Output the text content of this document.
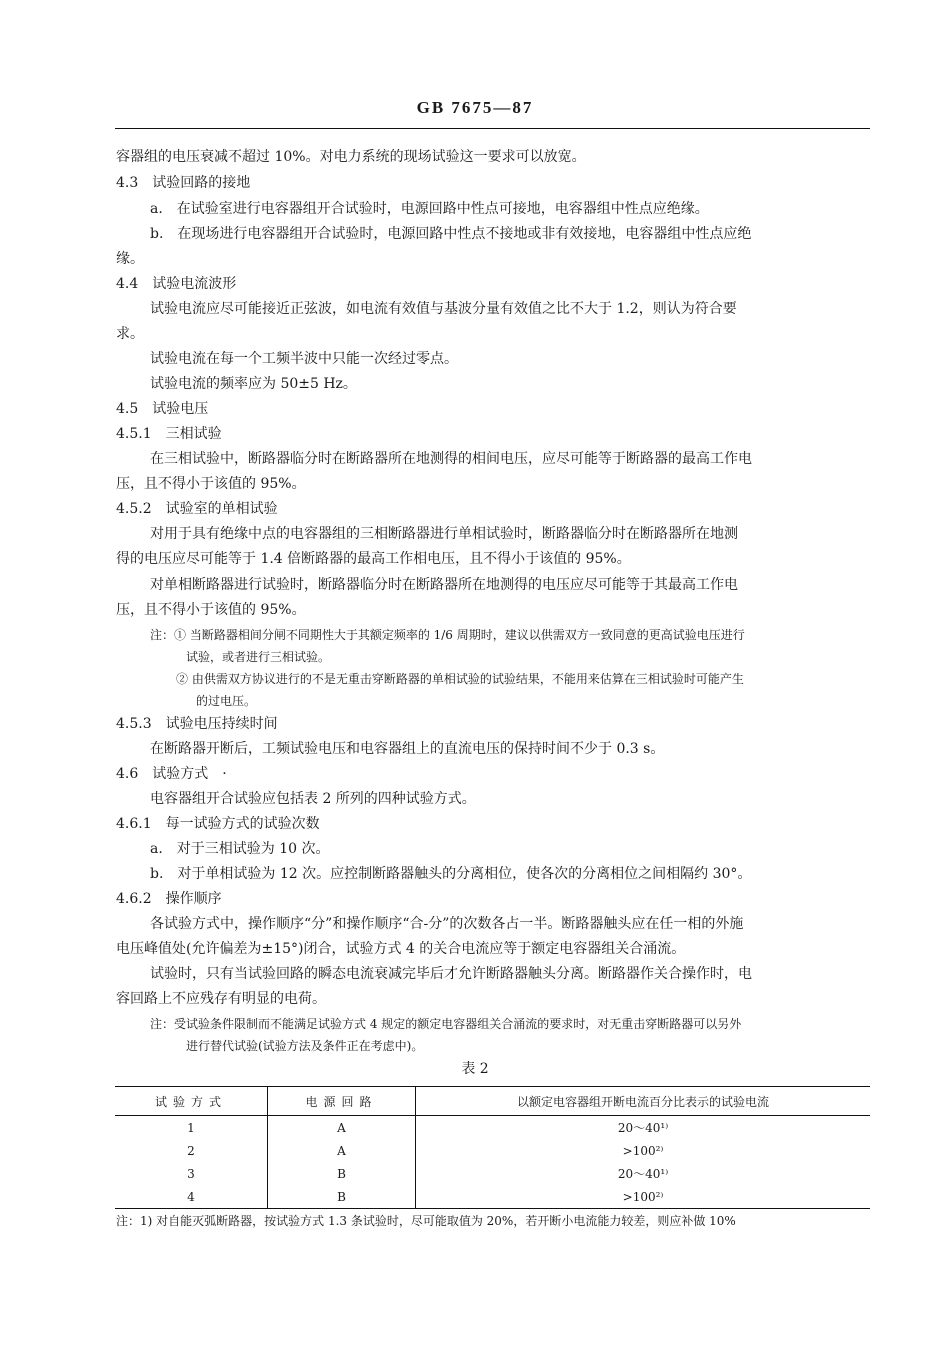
GB 7675—87
容器组的电压衰减不超过 10%。对电力系统的现场试验这一要求可以放宽。
4.3　试验回路的接地
a.　在试验室进行电容器组开合试验时，电源回路中性点可接地，电容器组中性点应绝缘。
b.　在现场进行电容器组开合试验时，电源回路中性点不接地或非有效接地，电容器组中性点应绝
缘。
4.4　试验电流波形
试验电流应尽可能接近正弦波，如电流有效值与基波分量有效值之比不大于 1.2，则认为符合要
求。
试验电流在每一个工频半波中只能一次经过零点。
试验电流的频率应为 50±5 Hz。
4.5　试验电压
4.5.1　三相试验
在三相试验中，断路器临分时在断路器所在地测得的相间电压，应尽可能等于断路器的最高工作电
压，且不得小于该值的 95%。
4.5.2　试验室的单相试验
对用于具有绝缘中点的电容器组的三相断路器进行单相试验时，断路器临分时在断路器所在地测
得的电压应尽可能等于 1.4 倍断路器的最高工作相电压，且不得小于该值的 95%。
对单相断路器进行试验时，断路器临分时在断路器所在地测得的电压应尽可能等于其最高工作电
压，且不得小于该值的 95%。
注：① 当断路器相间分闸不同期性大于其额定频率的 1/6 周期时，建议以供需双方一致同意的更高试验电压进行
试验，或者进行三相试验。
② 由供需双方协议进行的不是无重击穿断路器的单相试验的试验结果，不能用来估算在三相试验时可能产生
的过电压。
4.5.3　试验电压持续时间
在断路器开断后，工频试验电压和电容器组上的直流电压的保持时间不少于 0.3 s。
4.6　试验方式　·
电容器组开合试验应包括表 2 所列的四种试验方式。
4.6.1　每一试验方式的试验次数
a.　对于三相试验为 10 次。
b.　对于单相试验为 12 次。应控制断路器触头的分离相位，使各次的分离相位之间相隔约 30°。
4.6.2　操作顺序
各试验方式中，操作顺序“分”和操作顺序“合-分”的次数各占一半。断路器触头应在任一相的外施
电压峰值处(允许偏差为±15°)闭合，试验方式 4 的关合电流应等于额定电容器组关合涌流。
试验时，只有当试验回路的瞬态电流衰减完毕后才允许断路器触头分离。断路器作关合操作时，电
容回路上不应残存有明显的电荷。
注：受试验条件限制而不能满足试验方式 4 规定的额定电容器组关合涌流的要求时，对无重击穿断路器可以另外
进行替代试验(试验方法及条件正在考虑中)。
表 2
试验方式	电源回路	以额定电容器组开断电流百分比表示的试验电流
1	A	20～40¹⁾
2	A	>100²⁾
3	B	20～40¹⁾
4	B	>100²⁾
注：1) 对自能灭弧断路器，按试验方式 1.3 条试验时，尽可能取值为 20%，若开断小电流能力较差，则应补做 10%
